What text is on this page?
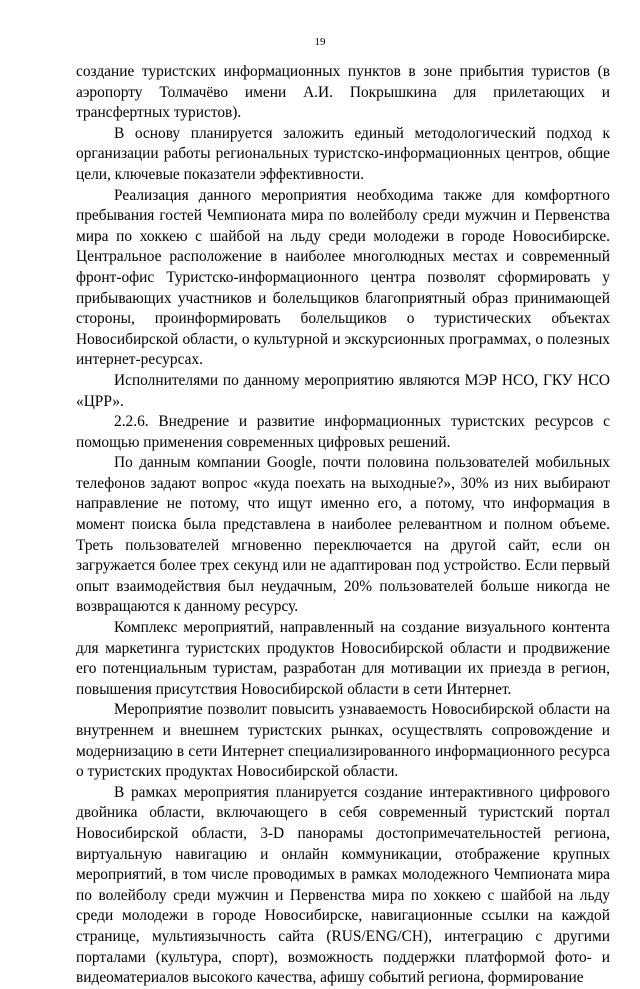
19

создание туристских информационных пунктов в зоне прибытия туристов (в аэропорту Толмачёво имени А.И. Покрышкина для прилетающих и трансфертных туристов).

В основу планируется заложить единый методологический подход к организации работы региональных туристско-информационных центров, общие цели, ключевые показатели эффективности.

Реализация данного мероприятия необходима также для комфортного пребывания гостей Чемпионата мира по волейболу среди мужчин и Первенства мира по хоккею с шайбой на льду среди молодежи в городе Новосибирске. Центральное расположение в наиболее многолюдных местах и современный фронт-офис Туристско-информационного центра позволят сформировать у прибывающих участников и болельщиков благоприятный образ принимающей стороны, проинформировать болельщиков о туристических объектах Новосибирской области, о культурной и экскурсионных программах, о полезных интернет-ресурсах.

Исполнителями по данному мероприятию являются МЭР НСО, ГКУ НСО «ЦРР».

2.2.6. Внедрение и развитие информационных туристских ресурсов с помощью применения современных цифровых решений.

По данным компании Google, почти половина пользователей мобильных телефонов задают вопрос «куда поехать на выходные?», 30% из них выбирают направление не потому, что ищут именно его, а потому, что информация в момент поиска была представлена в наиболее релевантном и полном объеме. Треть пользователей мгновенно переключается на другой сайт, если он загружается более трех секунд или не адаптирован под устройство. Если первый опыт взаимодействия был неудачным, 20% пользователей больше никогда не возвращаются к данному ресурсу.

Комплекс мероприятий, направленный на создание визуального контента для маркетинга туристских продуктов Новосибирской области и продвижение его потенциальным туристам, разработан для мотивации их приезда в регион, повышения присутствия Новосибирской области в сети Интернет.

Мероприятие позволит повысить узнаваемость Новосибирской области на внутреннем и внешнем туристских рынках, осуществлять сопровождение и модернизацию в сети Интернет специализированного информационного ресурса о туристских продуктах Новосибирской области.

В рамках мероприятия планируется создание интерактивного цифрового двойника области, включающего в себя современный туристский портал Новосибирской области, 3-D панорамы достопримечательностей региона, виртуальную навигацию и онлайн коммуникации, отображение крупных мероприятий, в том числе проводимых в рамках молодежного Чемпионата мира по волейболу среди мужчин и Первенства мира по хоккею с шайбой на льду среди молодежи в городе Новосибирске, навигационные ссылки на каждой странице, мультиязычность сайта (RUS/ENG/CH), интеграцию с другими порталами (культура, спорт), возможность поддержки платформой фото- и видеоматериалов высокого качества, афишу событий региона, формирование
